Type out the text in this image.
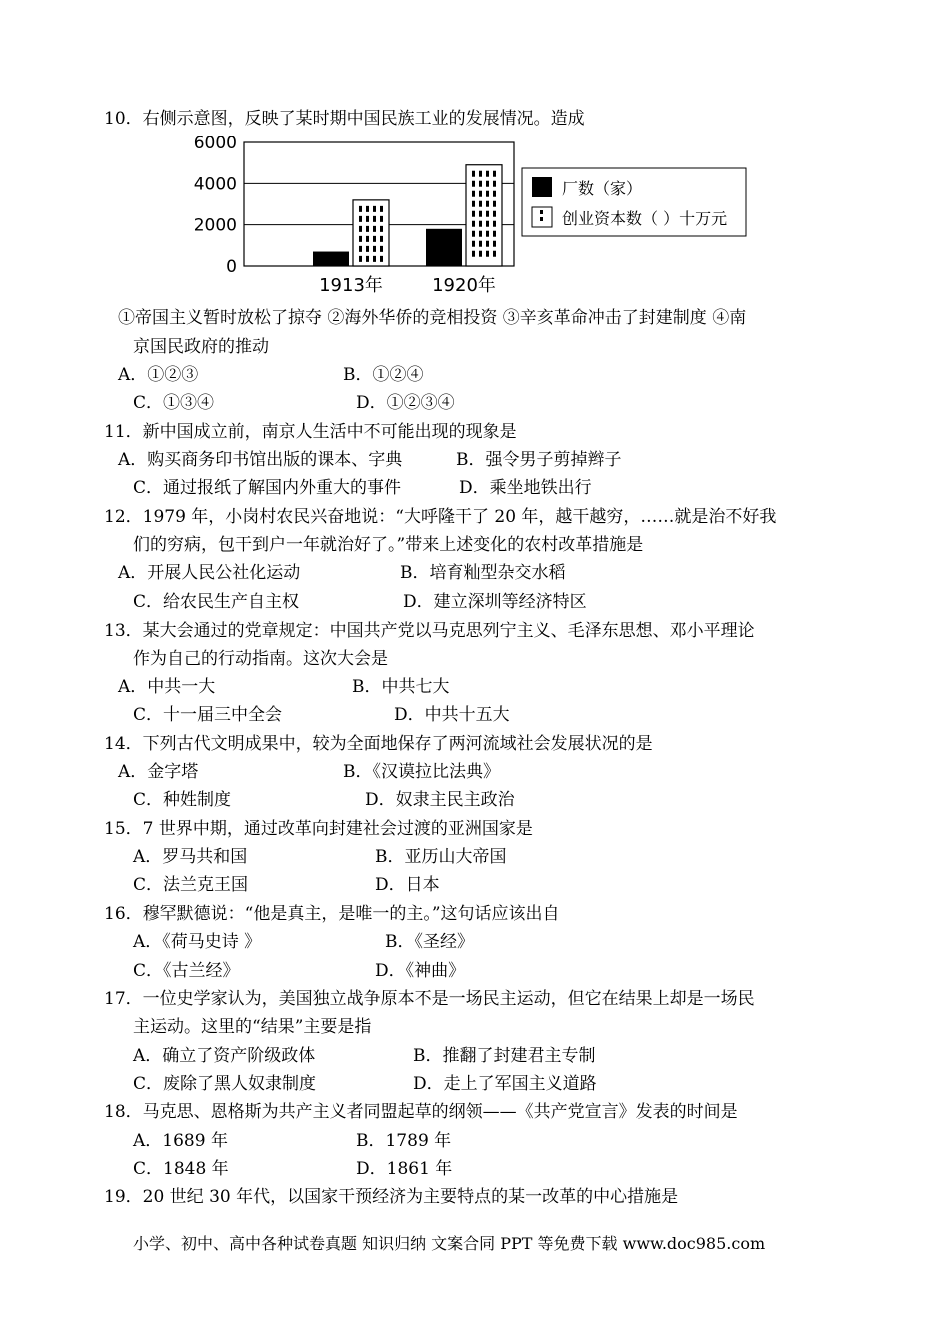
10．右侧示意图，反映了某时期中国民族工业的发展情况。造成
0
2000
4000
6000
1913年	1920年
厂数（家）
创业资本数（ ）十万元
①帝国主义暂时放松了掠夺 ②海外华侨的竞相投资 ③辛亥革命冲击了封建制度 ④南
京国民政府的推动
A．①②③	B．①②④
C．①③④	D．①②③④
11．新中国成立前，南京人生活中不可能出现的现象是
A．购买商务印书馆出版的课本、字典	B．强令男子剪掉辫子
C．通过报纸了解国内外重大的事件	D．乘坐地铁出行
12．1979 年，小岗村农民兴奋地说：“大呼隆干了 20 年，越干越穷，……就是治不好我
们的穷病，包干到户一年就治好了。”带来上述变化的农村改革措施是
A．开展人民公社化运动	B．培育籼型杂交水稻
C．给农民生产自主权	D．建立深圳等经济特区
13．某大会通过的党章规定：中国共产党以马克思列宁主义、毛泽东思想、邓小平理论
作为自己的行动指南。这次大会是
A．中共一大	B．中共七大
C．十一届三中全会	D．中共十五大
14．下列古代文明成果中，较为全面地保存了两河流域社会发展状况的是
A．金字塔	B．《汉谟拉比法典》
C．种姓制度	D．奴隶主民主政治
15．7 世界中期，通过改革向封建社会过渡的亚洲国家是
A．罗马共和国	B．亚历山大帝国
C．法兰克王国	D．日本
16．穆罕默德说：“他是真主，是唯一的主。”这句话应该出自
A．《荷马史诗 》	B．《圣经》
C．《古兰经》	D．《神曲》
17．一位史学家认为，美国独立战争原本不是一场民主运动，但它在结果上却是一场民
主运动。这里的“结果”主要是指
A．确立了资产阶级政体	B．推翻了封建君主专制
C．废除了黑人奴隶制度	D．走上了军国主义道路
18．马克思、恩格斯为共产主义者同盟起草的纲领——《共产党宣言》发表的时间是
A．1689 年	B．1789 年
C．1848 年	D．1861 年
19．20 世纪 30 年代，以国家干预经济为主要特点的某一改革的中心措施是
小学、初中、高中各种试卷真题 知识归纳 文案合同 PPT 等免费下载 www.doc985.com
